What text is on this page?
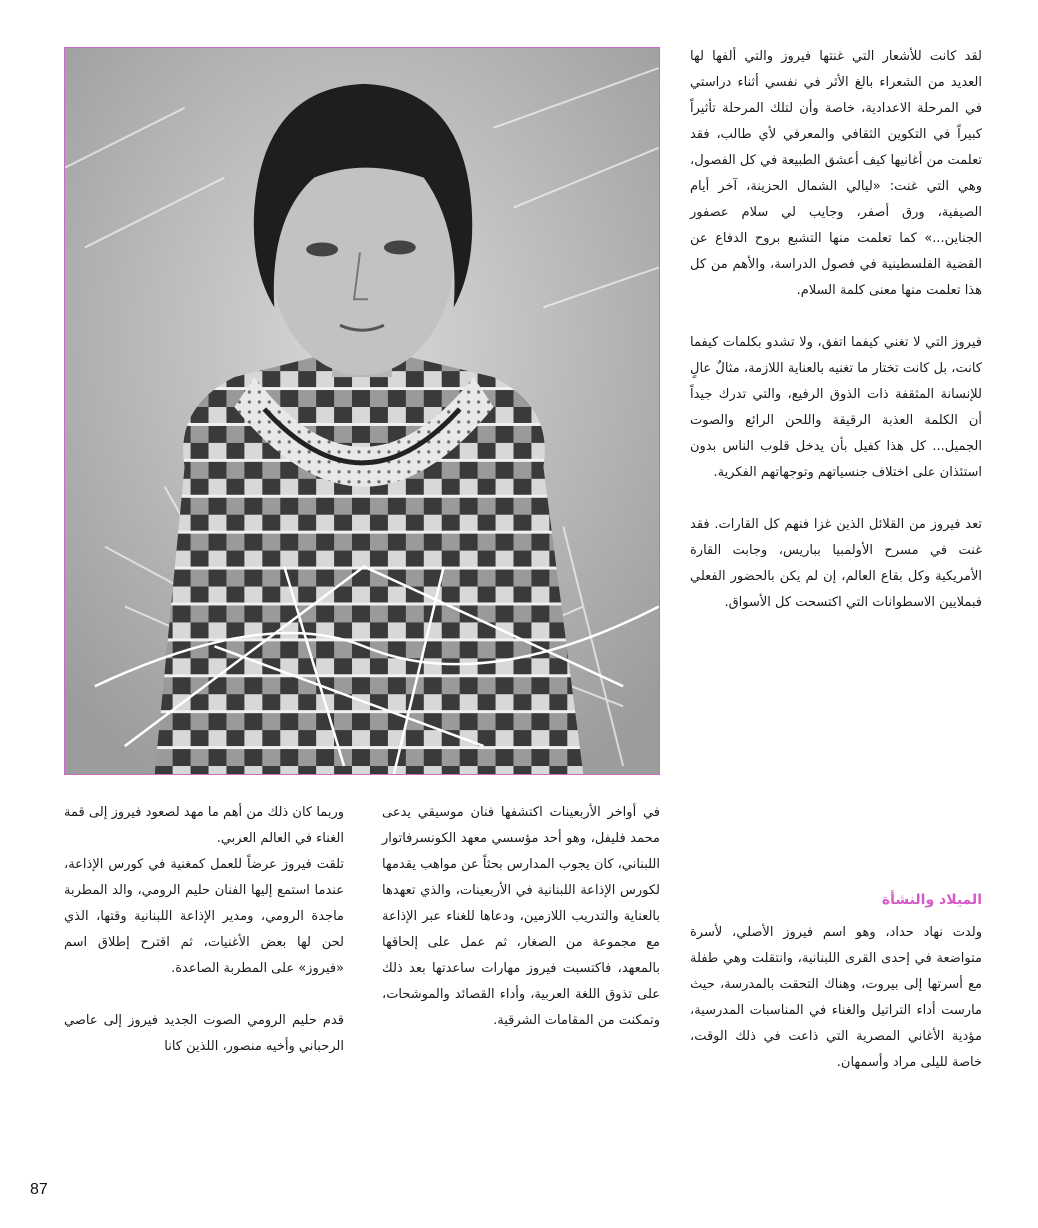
لقد كانت للأشعار التي غنتها فيروز والتي ألفها لها العديد من الشعراء بالغ الأثر في نفسي أثناء دراستي في المرحلة الاعدادية، خاصة وأن لتلك المرحلة تأثيراً كبيراً في التكوين الثقافي والمعرفي لأي طالب، فقد تعلمت من أغانيها كيف أعشق الطبيعة في كل الفصول، وهي التي غنت: «ليالي الشمال الحزينة، آخر أيام الصيفية، ورق أصفر، وجايب لي سلام عصفور الجناين...» كما تعلمت منها التشبع بروح الدفاع عن القضية الفلسطينية في فصول الدراسة، والأهم من كل هذا تعلمت منها معنى كلمة السلام.

فيروز التي لا تغني كيفما اتفق، ولا تشدو بكلمات كيفما كانت، بل كانت تختار ما تغنيه بالعناية اللازمة، مثالٌ عالٍ للإنسانة المثقفة ذات الذوق الرفيع، والتي تدرك جيداً أن الكلمة العذبة الرقيقة واللحن الرائع والصوت الجميل... كل هذا كفيل بأن يدخل قلوب الناس بدون استئذان على اختلاف جنسياتهم وتوجهاتهم الفكرية.

تعد فيروز من القلائل الذين غزا فنهم كل القارات. فقد غنت في مسرح الأولمبيا بباريس، وجابت القارة الأمريكية وكل بقاع العالم، إن لم يكن بالحضور الفعلي فبملايين الاسطوانات التي اكتسحت كل الأسواق.

الميلاد والنشأة

ولدت نهاد حداد، وهو اسم فيروز الأصلي، لأسرة متواضعة في إحدى القرى اللبنانية، وانتقلت وهي طفلة مع أسرتها إلى بيروت، وهناك التحقت بالمدرسة، حيث مارست أداء التراتيل والغناء في المناسبات المدرسية، مؤدية الأغاني المصرية التي ذاعت في ذلك الوقت، خاصة لليلى مراد وأسمهان.

في أواخر الأربعينات اكتشفها فنان موسيقي يدعى محمد فليفل، وهو أحد مؤسسي معهد الكونسرفاتوار اللبناني، كان يجوب المدارس بحثاً عن مواهب يقدمها لكورس الإذاعة اللبنانية في الأربعينات، والذي تعهدها بالعناية والتدريب اللازمين، ودعاها للغناء عبر الإذاعة مع مجموعة من الصغار، ثم عمل على إلحاقها بالمعهد، فاكتسبت فيروز مهارات ساعدتها بعد ذلك على تذوق اللغة العربية، وأداء القصائد والموشحات، وتمكنت من المقامات الشرقية.

وربما كان ذلك من أهم ما مهد لصعود فيروز إلى قمة الغناء في العالم العربي.

تلقت فيروز عرضاً للعمل كمغنية في كورس الإذاعة، عندما استمع إليها الفنان حليم الرومي، والد المطربة ماجدة الرومي، ومدير الإذاعة اللبنانية وقتها، الذي لحن لها بعض الأغنيات، ثم اقترح إطلاق اسم «فيروز» على المطربة الصاعدة.

قدم حليم الرومي الصوت الجديد فيروز إلى عاصي الرحباني وأخيه منصور، اللذين كانا

87
